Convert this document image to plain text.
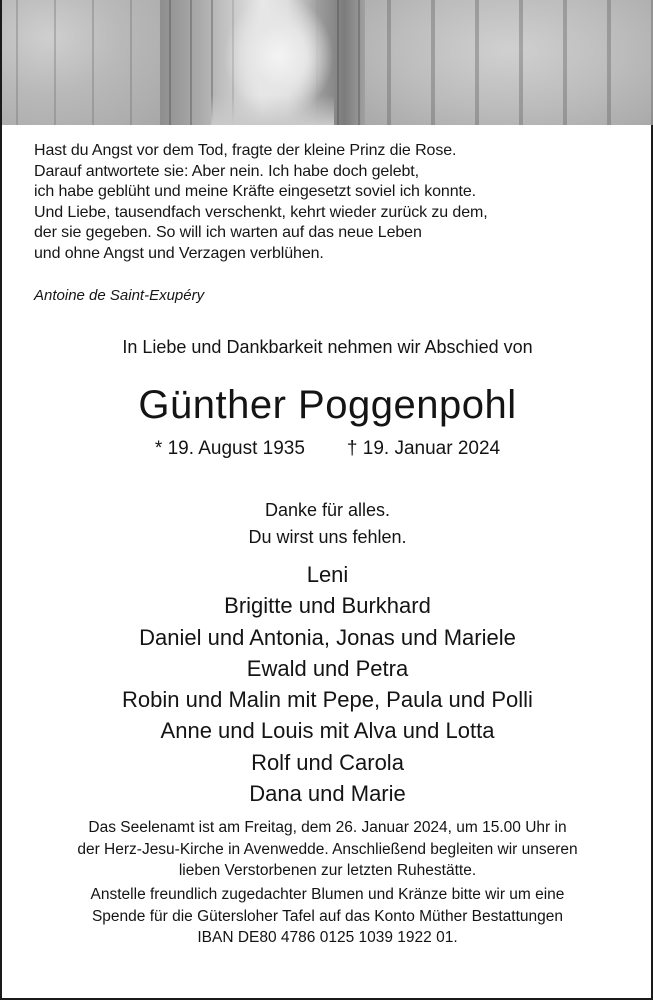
Hast du Angst vor dem Tod, fragte der kleine Prinz die Rose.
Darauf antwortete sie: Aber nein. Ich habe doch gelebt,
ich habe geblüht und meine Kräfte eingesetzt soviel ich konnte.
Und Liebe, tausendfach verschenkt, kehrt wieder zurück zu dem,
der sie gegeben. So will ich warten auf das neue Leben
und ohne Angst und Verzagen verblühen.
Antoine de Saint-Exupéry
In Liebe und Dankbarkeit nehmen wir Abschied von
Günther Poggenpohl
* 19. August 1935 † 19. Januar 2024
Danke für alles.
Du wirst uns fehlen.
Leni
Brigitte und Burkhard
Daniel und Antonia, Jonas und Mariele
Ewald und Petra
Robin und Malin mit Pepe, Paula und Polli
Anne und Louis mit Alva und Lotta
Rolf und Carola
Dana und Marie
Das Seelenamt ist am Freitag, dem 26. Januar 2024, um 15.00 Uhr in
der Herz-Jesu-Kirche in Avenwedde. Anschließend begleiten wir unseren
lieben Verstorbenen zur letzten Ruhestätte.
Anstelle freundlich zugedachter Blumen und Kränze bitte wir um eine
Spende für die Gütersloher Tafel auf das Konto Müther Bestattungen
IBAN DE80 4786 0125 1039 1922 01.
